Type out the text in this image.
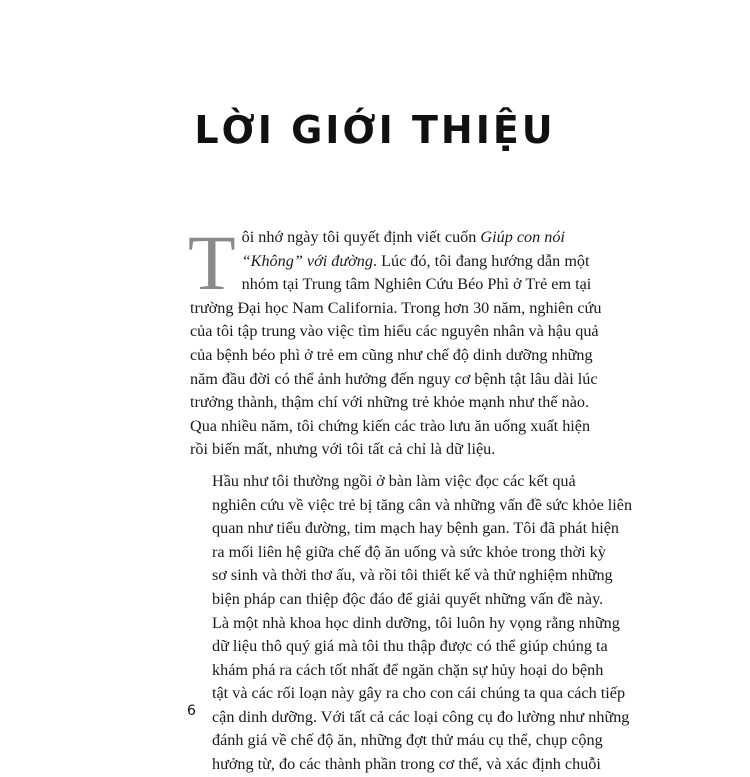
LỜI GIỚI THIỆU
T ôi nhớ ngày tôi quyết định viết cuốn Giúp con nói
“Không” với đường. Lúc đó, tôi đang hướng dẫn một
nhóm tại Trung tâm Nghiên Cứu Béo Phì ở Trẻ em tại
trường Đại học Nam California. Trong hơn 30 năm, nghiên cứu
của tôi tập trung vào việc tìm hiểu các nguyên nhân và hậu quả
của bệnh béo phì ở trẻ em cũng như chế độ dinh dưỡng những
năm đầu đời có thể ảnh hưởng đến nguy cơ bệnh tật lâu dài lúc
trưởng thành, thậm chí với những trẻ khỏe mạnh như thế nào.
Qua nhiều năm, tôi chứng kiến các trào lưu ăn uống xuất hiện
rồi biến mất, nhưng với tôi tất cả chỉ là dữ liệu.
Hầu như tôi thường ngồi ở bàn làm việc đọc các kết quả
nghiên cứu về việc trẻ bị tăng cân và những vấn đề sức khỏe liên
quan như tiểu đường, tim mạch hay bệnh gan. Tôi đã phát hiện
ra mối liên hệ giữa chế độ ăn uống và sức khỏe trong thời kỳ
sơ sinh và thời thơ ấu, và rồi tôi thiết kế và thử nghiệm những
biện pháp can thiệp độc đáo để giải quyết những vấn đề này.
Là một nhà khoa học dinh dưỡng, tôi luôn hy vọng rằng những
dữ liệu thô quý giá mà tôi thu thập được có thể giúp chúng ta
khám phá ra cách tốt nhất để ngăn chặn sự hủy hoại do bệnh
tật và các rối loạn này gây ra cho con cái chúng ta qua cách tiếp
cận dinh dưỡng. Với tất cả các loại công cụ đo lường như những
đánh giá về chế độ ăn, những đợt thử máu cụ thể, chụp cộng
hưởng từ, đo các thành phần trong cơ thể, và xác định chuỗi
6
